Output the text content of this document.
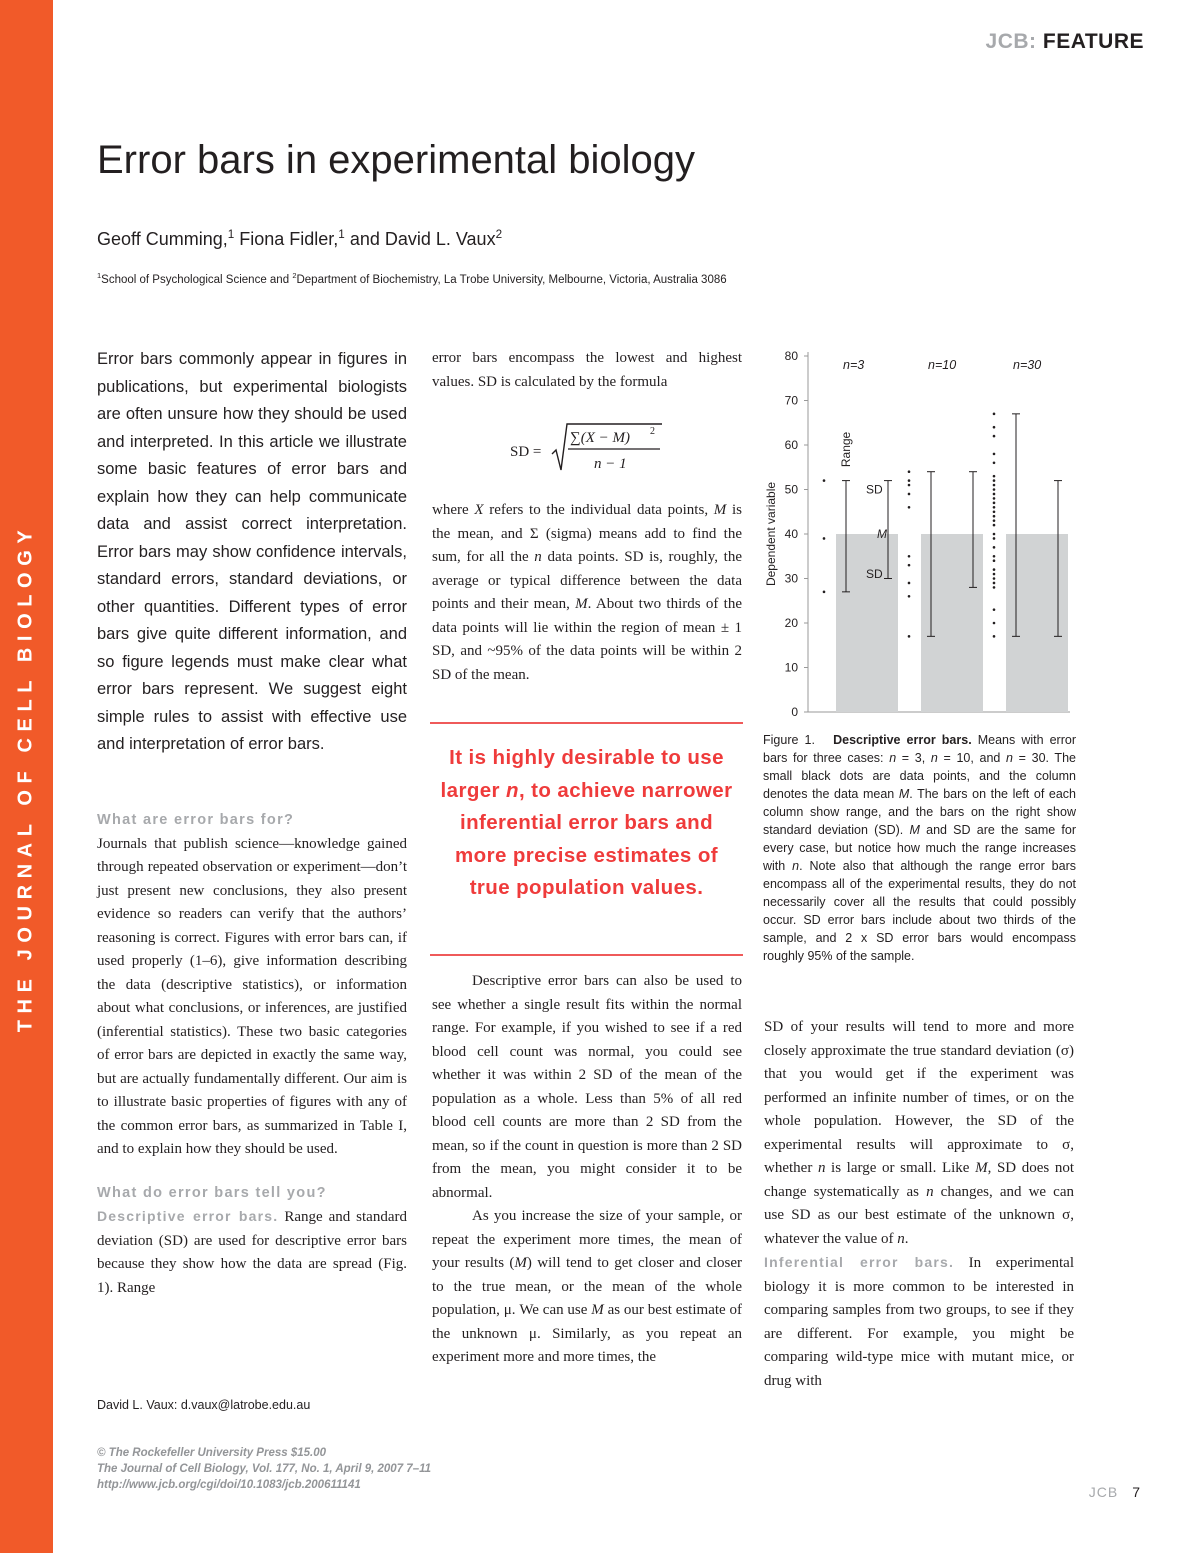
THE JOURNAL OF CELL BIOLOGY
JCB: FEATURE
Error bars in experimental biology
Geoff Cumming,$^1$ Fiona Fidler,$^1$ and David L. Vaux$^2$
$^1$School of Psychological Science and $^2$Department of Biochemistry, La Trobe University, Melbourne, Victoria, Australia 3086

Error bars commonly appear in figures in publications, but experimental biologists are often unsure how they should be used and interpreted. In this article we illustrate some basic features of error bars and explain how they can help communicate data and assist correct interpretation. Error bars may show confidence intervals, standard errors, standard deviations, or other quantities. Different types of error bars give quite different information, and so figure legends must make clear what error bars represent. We suggest eight simple rules to assist with effective use and interpretation of error bars.

What are error bars for?

Journals that publish science—knowledge gained through repeated observation or experiment—don’t just present new conclusions, they also present evidence so readers can verify that the authors’ reasoning is correct. Figures with error bars can, if used properly (1–6), give information describing the data (descriptive statistics), or information about what conclusions, or inferences, are justified (inferential statistics). These two basic categories of error bars are depicted in exactly the same way, but are actually fundamentally different. Our aim is to illustrate basic properties of figures with any of the common error bars, as summarized in Table I, and to explain how they should be used.

What do error bars tell you?

Descriptive error bars. Range and standard deviation (SD) are used for descriptive error bars because they show how the data are spread (Fig. 1). Range

David L. Vaux: d.vaux@latrobe.edu.au

error bars encompass the lowest and highest values. SD is calculated by the formula

SD =
∑(X − M) 2
n − 1

where X refers to the individual data points, M is the mean, and Σ (sigma) means add to find the sum, for all the n data points. SD is, roughly, the average or typical difference between the data points and their mean, M. About two thirds of the data points will lie within the region of mean ± 1 SD, and ~95% of the data points will be within 2 SD of the mean.

It is highly desirable to use larger n, to achieve narrower inferential error bars and more precise estimates of true population values.

Descriptive error bars can also be used to see whether a single result fits within the normal range. For example, if you wished to see if a red blood cell count was normal, you could see whether it was within 2 SD of the mean of the population as a whole. Less than 5% of all red blood cell counts are more than 2 SD from the mean, so if the count in question is more than 2 SD from the mean, you might consider it to be abnormal.

As you increase the size of your sample, or repeat the experiment more times, the mean of your results (M) will tend to get closer and closer to the true mean, or the mean of the whole population, μ. We can use M as our best estimate of the unknown μ. Similarly, as you repeat an experiment more and more times, the

0
10
20
30
40
50
60
70
80
Dependent variable
n=3	n=10	n=30
Range
SD
M
SD
Figure 1. Descriptive error bars. Means with error bars for three cases: n = 3, n = 10, and n = 30. The small black dots are data points, and the column denotes the data mean M. The bars on the left of each column show range, and the bars on the right show standard deviation (SD). M and SD are the same for every case, but notice how much the range increases with n. Note also that although the range error bars encompass all of the experimental results, they do not necessarily cover all the results that could possibly occur. SD error bars include about two thirds of the sample, and 2 x SD error bars would encompass roughly 95% of the sample.

SD of your results will tend to more and more closely approximate the true standard deviation (σ) that you would get if the experiment was performed an infinite number of times, or on the whole population. However, the SD of the experimental results will approximate to σ, whether n is large or small. Like M, SD does not change systematically as n changes, and we can use SD as our best estimate of the unknown σ, whatever the value of n.

Inferential error bars. In experimental biology it is more common to be interested in comparing samples from two groups, to see if they are different. For example, you might be comparing wild-type mice with mutant mice, or drug with

© The Rockefeller University Press $15.00
The Journal of Cell Biology, Vol. 177, No. 1, April 9, 2007 7–11
http://www.jcb.org/cgi/doi/10.1083/jcb.200611141	JCB 7
